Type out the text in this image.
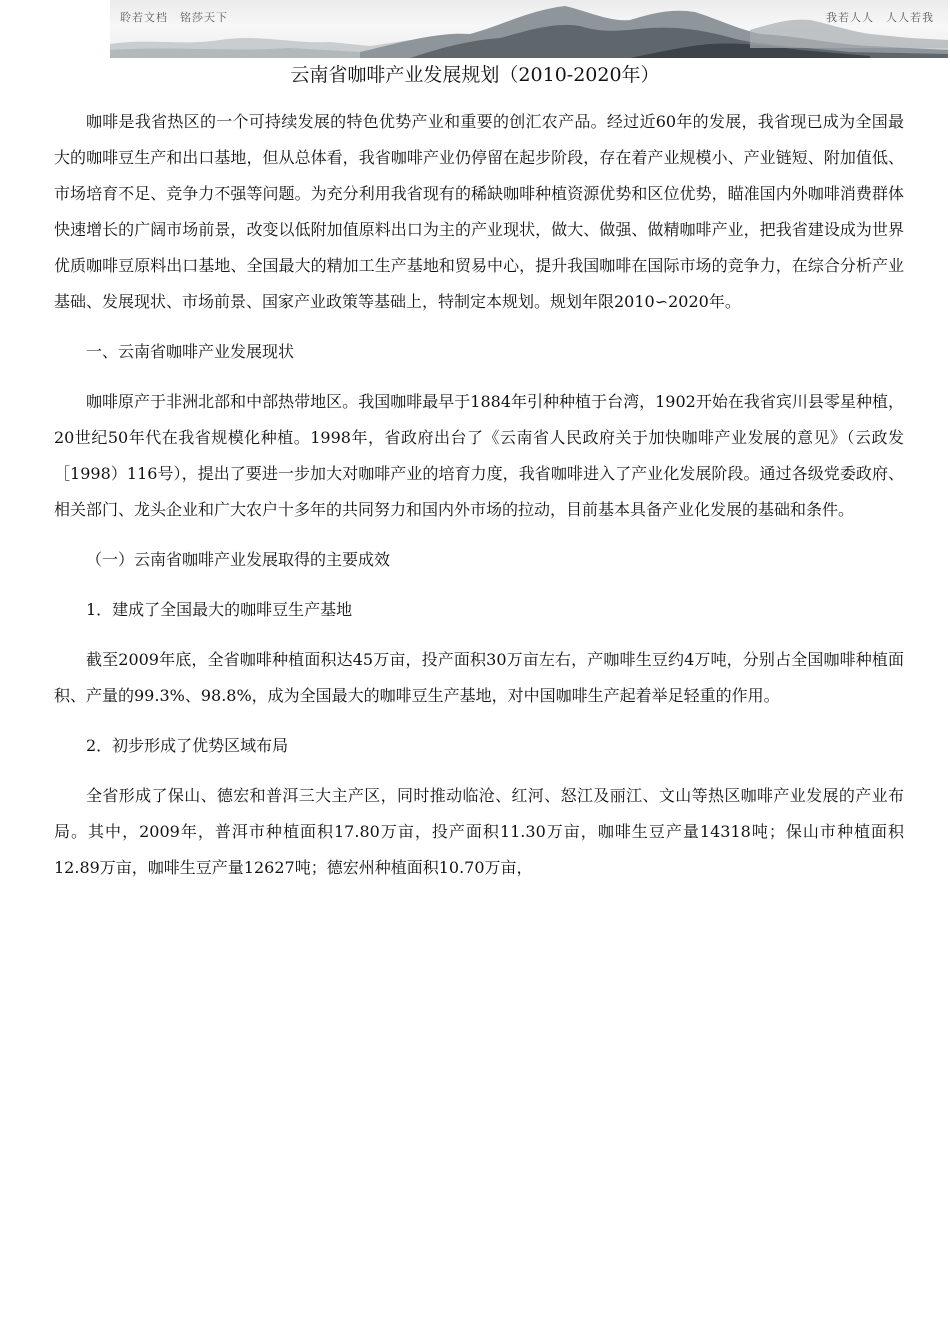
聆若文档　铭莎天下	我若人人　人人若我
云南省咖啡产业发展规划（2010-2020年）

咖啡是我省热区的一个可持续发展的特色优势产业和重要的创汇农产品。经过近60年的发展，我省现已成为全国最大的咖啡豆生产和出口基地，但从总体看，我省咖啡产业仍停留在起步阶段，存在着产业规模小、产业链短、附加值低、市场培育不足、竞争力不强等问题。为充分利用我省现有的稀缺咖啡种植资源优势和区位优势，瞄准国内外咖啡消费群体快速增长的广阔市场前景，改变以低附加值原料出口为主的产业现状，做大、做强、做精咖啡产业，把我省建设成为世界优质咖啡豆原料出口基地、全国最大的精加工生产基地和贸易中心，提升我国咖啡在国际市场的竞争力，在综合分析产业基础、发展现状、市场前景、国家产业政策等基础上，特制定本规划。规划年限2010∽2020年。

一、云南省咖啡产业发展现状

咖啡原产于非洲北部和中部热带地区。我国咖啡最早于1884年引种种植于台湾，1902开始在我省宾川县零星种植，20世纪50年代在我省规模化种植。1998年，省政府出台了《云南省人民政府关于加快咖啡产业发展的意见》（云政发［1998）116号），提出了要进一步加大对咖啡产业的培育力度，我省咖啡进入了产业化发展阶段。通过各级党委政府、相关部门、龙头企业和广大农户十多年的共同努力和国内外市场的拉动，目前基本具备产业化发展的基础和条件。

（一）云南省咖啡产业发展取得的主要成效

1．建成了全国最大的咖啡豆生产基地

截至2009年底，全省咖啡种植面积达45万亩，投产面积30万亩左右，产咖啡生豆约4万吨，分别占全国咖啡种植面积、产量的99.3%、98.8%，成为全国最大的咖啡豆生产基地，对中国咖啡生产起着举足轻重的作用。

2．初步形成了优势区域布局

全省形成了保山、德宏和普洱三大主产区，同时推动临沧、红河、怒江及丽江、文山等热区咖啡产业发展的产业布局。其中，2009年，普洱市种植面积17.80万亩，投产面积11.30万亩，咖啡生豆产量14318吨；保山市种植面积12.89万亩，咖啡生豆产量12627吨；德宏州种植面积10.70万亩，
